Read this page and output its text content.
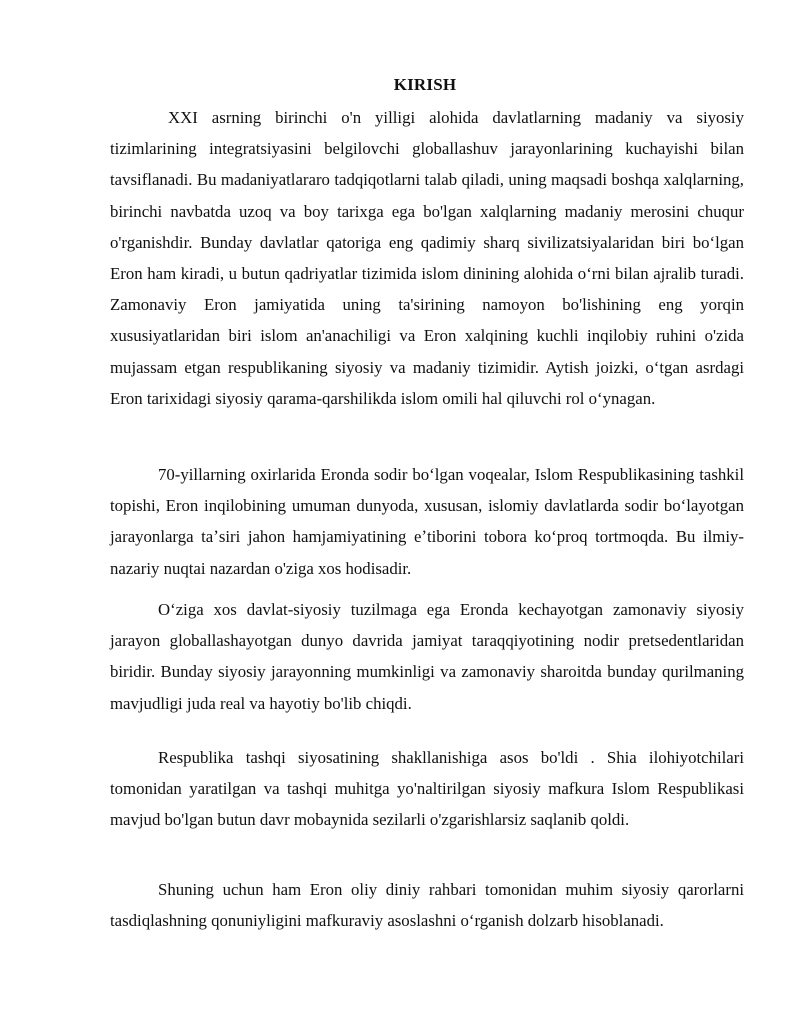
KIRISH

XXI asrning birinchi o'n yilligi alohida davlatlarning madaniy va siyosiy tizimlarining integratsiyasini belgilovchi globallashuv jarayonlarining kuchayishi bilan tavsiflanadi. Bu madaniyatlararo tadqiqotlarni talab qiladi, uning maqsadi boshqa xalqlarning, birinchi navbatda uzoq va boy tarixga ega bo'lgan xalqlarning madaniy merosini chuqur o'rganishdir. Bunday davlatlar qatoriga eng qadimiy sharq sivilizatsiyalaridan biri boʻlgan Eron ham kiradi, u butun qadriyatlar tizimida islom dinining alohida oʻrni bilan ajralib turadi. Zamonaviy Eron jamiyatida uning ta'sirining namoyon bo'lishining eng yorqin xususiyatlaridan biri islom an'anachiligi va Eron xalqining kuchli inqilobiy ruhini o'zida mujassam etgan respublikaning siyosiy va madaniy tizimidir. Aytish joizki, oʻtgan asrdagi Eron tarixidagi siyosiy qarama-qarshilikda islom omili hal qiluvchi rol oʻynagan.

70-yillarning oxirlarida Eronda sodir boʻlgan voqealar, Islom Respublikasining tashkil topishi, Eron inqilobining umuman dunyoda, xususan, islomiy davlatlarda sodir boʻlayotgan jarayonlarga taʼsiri jahon hamjamiyatining eʼtiborini tobora koʻproq tortmoqda. Bu ilmiy-nazariy nuqtai nazardan o'ziga xos hodisadir.

Oʻziga xos davlat-siyosiy tuzilmaga ega Eronda kechayotgan zamonaviy siyosiy jarayon globallashayotgan dunyo davrida jamiyat taraqqiyotining nodir pretsedentlaridan biridir. Bunday siyosiy jarayonning mumkinligi va zamonaviy sharoitda bunday qurilmaning mavjudligi juda real va hayotiy bo'lib chiqdi.

Respublika tashqi siyosatining shakllanishiga asos bo'ldi . Shia ilohiyotchilari tomonidan yaratilgan va tashqi muhitga yo'naltirilgan siyosiy mafkura Islom Respublikasi mavjud bo'lgan butun davr mobaynida sezilarli o'zgarishlarsiz saqlanib qoldi.

Shuning uchun ham Eron oliy diniy rahbari tomonidan muhim siyosiy qarorlarni tasdiqlashning qonuniyligini mafkuraviy asoslashni oʻrganish dolzarb hisoblanadi.
